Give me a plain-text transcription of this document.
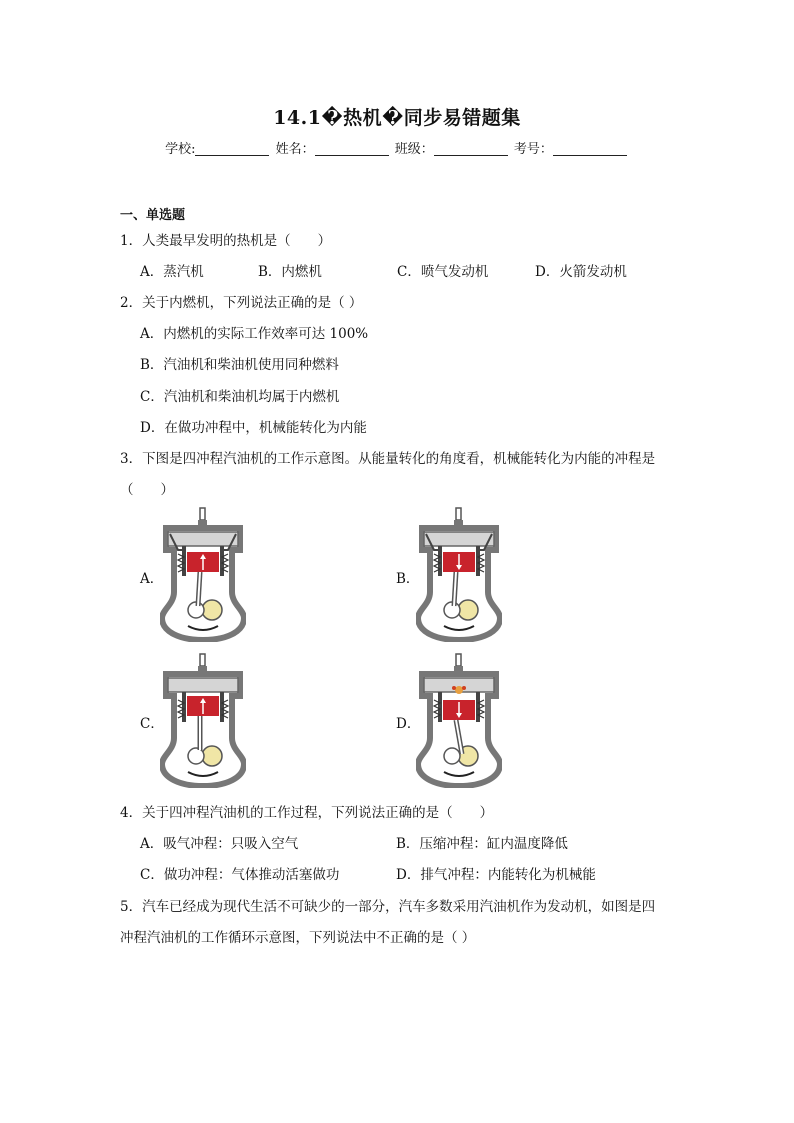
14.1�热机�同步易错题集
学校:	姓名：	班级：	考号：
一、单选题
1．人类最早发明的热机是（　　）
A．蒸汽机	B．内燃机	C．喷气发动机	D．火箭发动机
2．关于内燃机，下列说法正确的是（ ）
A．内燃机的实际工作效率可达 100%
B．汽油机和柴油机使用同种燃料
C．汽油机和柴油机均属于内燃机
D．在做功冲程中，机械能转化为内能
3．下图是四冲程汽油机的工作示意图。从能量转化的角度看，机械能转化为内能的冲程是
（　　）
A．	B．
C．	D．
4．关于四冲程汽油机的工作过程，下列说法正确的是（　　）
A．吸气冲程：只吸入空气	B．压缩冲程：缸内温度降低
C．做功冲程：气体推动活塞做功	D．排气冲程：内能转化为机械能
5．汽车已经成为现代生活不可缺少的一部分，汽车多数采用汽油机作为发动机，如图是四
冲程汽油机的工作循环示意图，下列说法中不正确的是（ ）
